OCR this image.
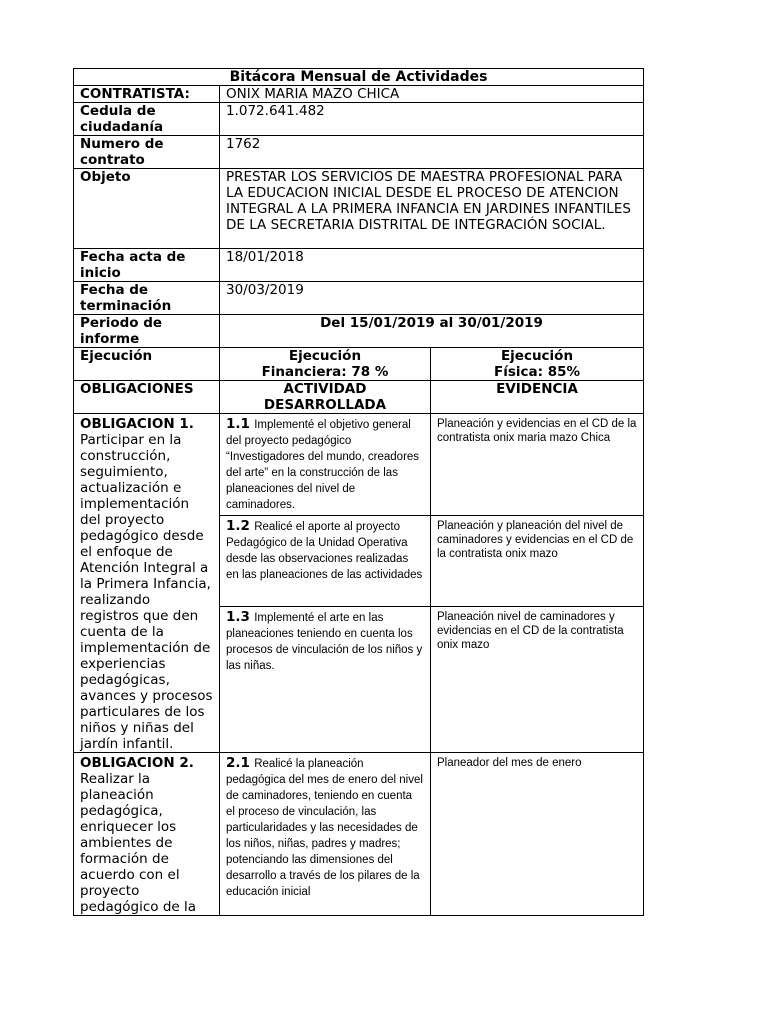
Bitácora Mensual de Actividades		
CONTRATISTA:	ONIX MARIA MAZO CHICA	
Cedula de ciudadanía	1.072.641.482	
Numero de contrato	1762	
Objeto	PRESTAR LOS SERVICIOS DE MAESTRA PROFESIONAL PARA LA EDUCACION INICIAL DESDE EL PROCESO DE ATENCION INTEGRAL A LA PRIMERA INFANCIA EN JARDINES INFANTILES DE LA SECRETARIA DISTRITAL DE INTEGRACIÓN SOCIAL.	
Fecha acta de inicio	18/01/2018	
Fecha de terminación	30/03/2019	
Periodo de informe	Del 15/01/2019 al 30/01/2019	
Ejecución	Ejecución Financiera: 78 %	Ejecución Física: 85%
OBLIGACIONES	ACTIVIDAD DESARROLLADA	EVIDENCIA

OBLIGACION 1.
Participar en la construcción, seguimiento, actualización e implementación del proyecto pedagógico desde el enfoque de Atención Integral a la Primera Infancia, realizando registros que den cuenta de la implementación de experiencias pedagógicas, avances y procesos particulares de los niños y niñas del jardín infantil.	1.1 Implementé el objetivo general del proyecto pedagógico “Investigadores del mundo, creadores del arte” en la construcción de las planeaciones del nivel de caminadores.	Planeación y evidencias en el CD de la contratista onix maria mazo Chica
	1.2 Realicé el aporte al proyecto Pedagógico de la Unidad Operativa desde las observaciones realizadas en las planeaciones de las actividades	Planeación y planeación del nivel de caminadores y evidencias en el CD de la contratista onix mazo
	1.3 Implementé el arte en las planeaciones teniendo en cuenta los procesos de vinculación de los niños y las niñas.	Planeación nivel de caminadores y evidencias en el CD de la contratista onix mazo

OBLIGACION 2.
Realizar la planeación pedagógica, enriquecer los ambientes de formación de acuerdo con el proyecto pedagógico de la	2.1 Realicé la planeación pedagógica del mes de enero del nivel de caminadores, teniendo en cuenta el proceso de vinculación, las particularidades y las necesidades de los niños, niñas, padres y madres; potenciando las dimensiones del desarrollo a través de los pilares de la educación inicial	Planeador del mes de enero
